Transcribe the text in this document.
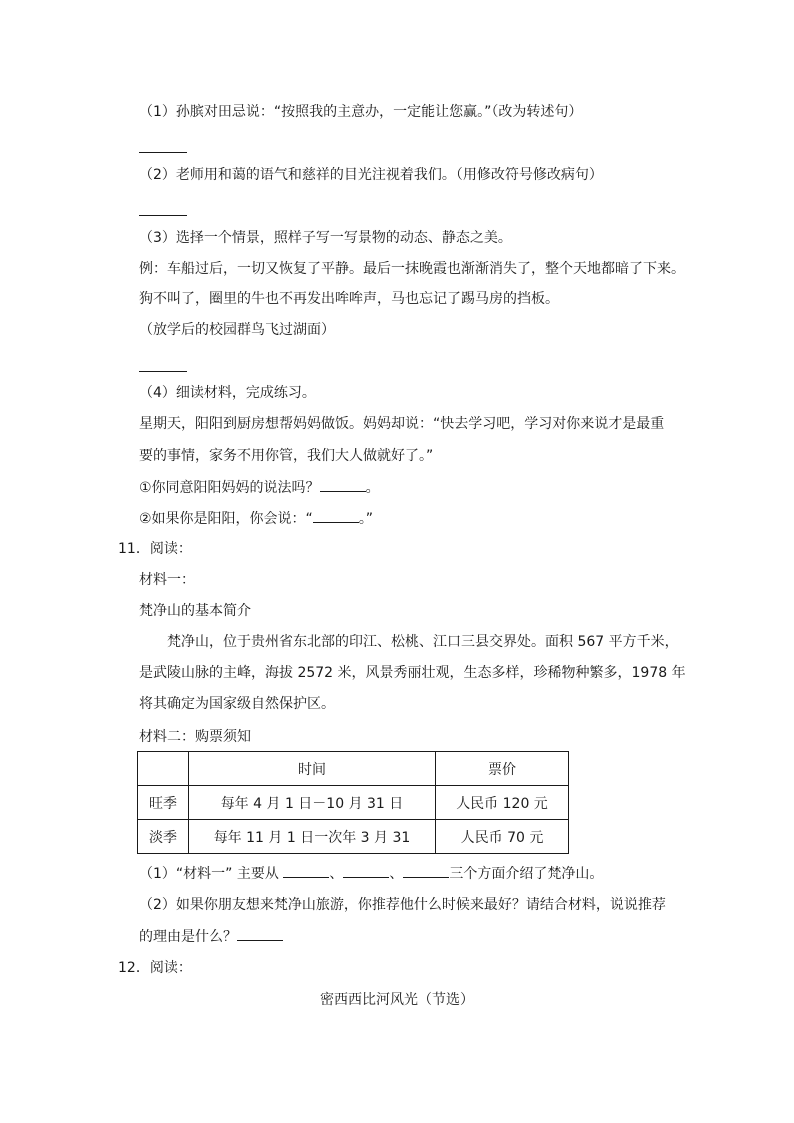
（1）孙膑对田忌说：“按照我的主意办，一定能让您赢。”（改为转述句）
（2）老师用和蔼的语气和慈祥的目光注视着我们。（用修改符号修改病句）
（3）选择一个情景，照样子写一写景物的动态、静态之美。
例：车船过后，一切又恢复了平静。最后一抹晚霞也渐渐消失了，整个天地都暗了下来。
狗不叫了，圈里的牛也不再发出哞哞声，马也忘记了踢马房的挡板。
（放学后的校园群鸟飞过湖面）
（4）细读材料，完成练习。
星期天，阳阳到厨房想帮妈妈做饭。妈妈却说：“快去学习吧，学习对你来说才是最重
要的事情，家务不用你管，我们大人做就好了。”
①你同意阳阳妈妈的说法吗？	。
②如果你是阳阳，你会说：“	。”
11．阅读：
材料一：
梵净山的基本简介
梵净山，位于贵州省东北部的印江、松桃、江口三县交界处。面积 567 平方千米，
是武陵山脉的主峰，海拔 2572 米，风景秀丽壮观，生态多样，珍稀物种繁多，1978 年
将其确定为国家级自然保护区。
材料二：购票须知
	时间	票价
旺季	每年 4 月 1 日－10 月 31 日	人民币 120 元
淡季	每年 11 月 1 日一次年 3 月 31	人民币 70 元
（1）“材料一” 主要从	、	、	三个方面介绍了梵净山。
（2）如果你朋友想来梵净山旅游，你推荐他什么时候来最好？请结合材料，说说推荐
的理由是什么？
12．阅读：
密西西比河风光（节选）
